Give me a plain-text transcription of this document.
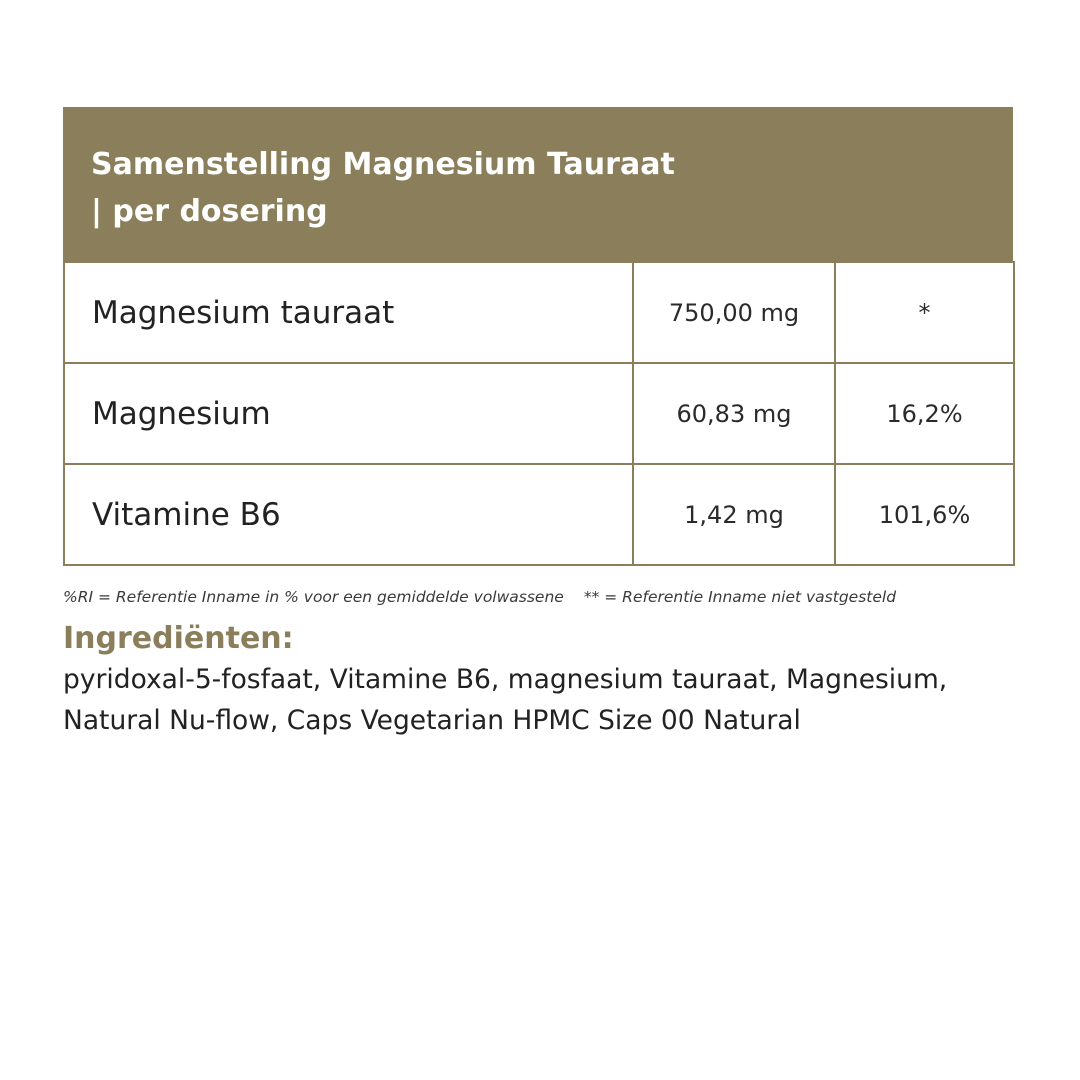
Samenstelling Magnesium Tauraat
| per dosering

Magnesium tauraat	750,00 mg	*
Magnesium	60,83 mg	16,2%
Vitamine B6	1,42 mg	101,6%
%RI = Referentie Inname in % voor een gemiddelde volwassene ** = Referentie Inname niet vastgesteld
Ingrediënten:

pyridoxal-5-fosfaat, Vitamine B6, magnesium tauraat, Magnesium, Natural Nu-flow, Caps Vegetarian HPMC Size 00 Natural
